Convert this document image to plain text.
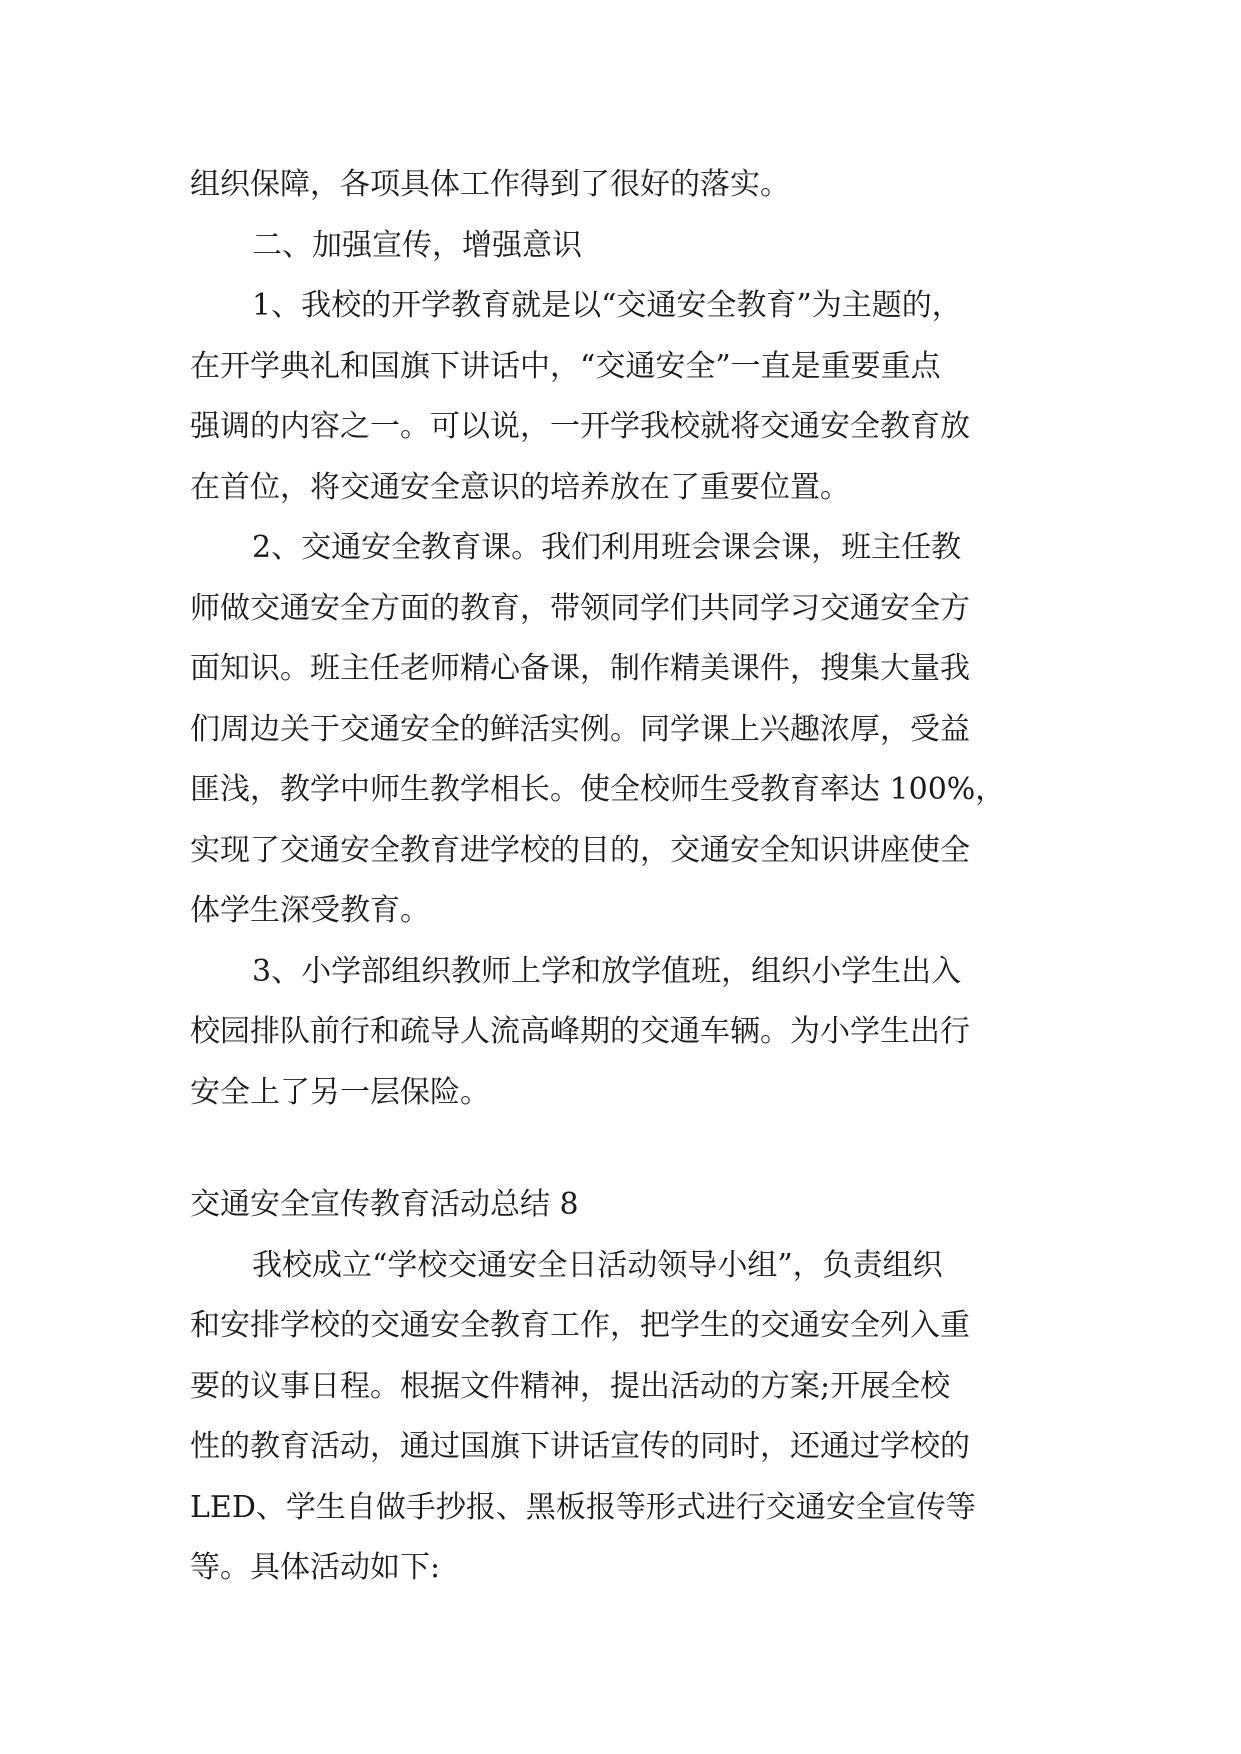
组织保障，各项具体工作得到了很好的落实。
二、加强宣传，增强意识
1、我校的开学教育就是以“交通安全教育”为主题的，
在开学典礼和国旗下讲话中，“交通安全”一直是重要重点
强调的内容之一。可以说，一开学我校就将交通安全教育放
在首位，将交通安全意识的培养放在了重要位置。
2、交通安全教育课。我们利用班会课会课，班主任教
师做交通安全方面的教育，带领同学们共同学习交通安全方
面知识。班主任老师精心备课，制作精美课件，搜集大量我
们周边关于交通安全的鲜活实例。同学课上兴趣浓厚，受益
匪浅，教学中师生教学相长。使全校师生受教育率达 100%，
实现了交通安全教育进学校的目的，交通安全知识讲座使全
体学生深受教育。
3、小学部组织教师上学和放学值班，组织小学生出入
校园排队前行和疏导人流高峰期的交通车辆。为小学生出行
安全上了另一层保险。
交通安全宣传教育活动总结 8
我校成立“学校交通安全日活动领导小组”，负责组织
和安排学校的交通安全教育工作，把学生的交通安全列入重
要的议事日程。根据文件精神，提出活动的方案;开展全校
性的教育活动，通过国旗下讲话宣传的同时，还通过学校的
LED、学生自做手抄报、黑板报等形式进行交通安全宣传等
等。具体活动如下:
